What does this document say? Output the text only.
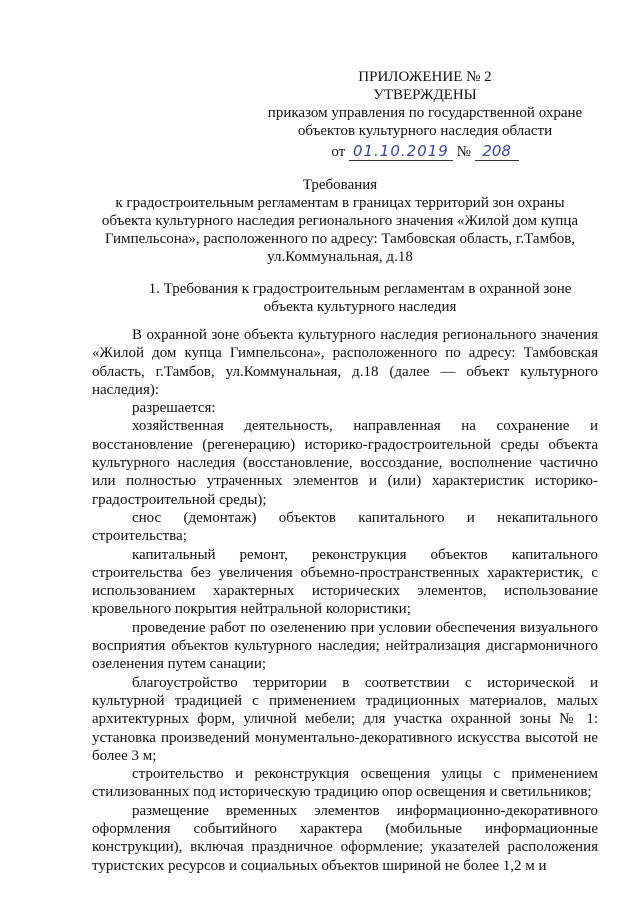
ПРИЛОЖЕНИЕ № 2
УТВЕРЖДЕНЫ
приказом управления по государственной охране
объектов культурного наследия области
от 01.10.2019 № 208
Требования
к градостроительным регламентам в границах территорий зон охраны
объекта культурного наследия регионального значения «Жилой дом купца
Гимпельсона», расположенного по адресу: Тамбовская область, г.Тамбов,
ул.Коммунальная, д.18
1. Требования к градостроительным регламентам в охранной зоне
объекта культурного наследия

В охранной зоне объекта культурного наследия регионального значения «Жилой дом купца Гимпельсона», расположенного по адресу: Тамбовская область, г.Тамбов, ул.Коммунальная, д.18 (далее — объект культурного наследия):

разрешается:

хозяйственная деятельность, направленная на сохранение и восстановление (регенерацию) историко-градостроительной среды объекта культурного наследия (восстановление, воссоздание, восполнение частично или полностью утраченных элементов и (или) характеристик историко-градостроительной среды);

снос (демонтаж) объектов капитального и некапитального строительства;

капитальный ремонт, реконструкция объектов капитального строительства без увеличения объемно-пространственных характеристик, с использованием характерных исторических элементов, использование кровельного покрытия нейтральной колористики;

проведение работ по озеленению при условии обеспечения визуального восприятия объектов культурного наследия; нейтрализация дисгармоничного озеленения путем санации;

благоустройство территории в соответствии с исторической и культурной традицией с применением традиционных материалов, малых архитектурных форм, уличной мебели; для участка охранной зоны № 1: установка произведений монументально-декоративного искусства высотой не более 3 м;

строительство и реконструкция освещения улицы с применением стилизованных под историческую традицию опор освещения и светильников;

размещение временных элементов информационно-декоративного оформления событийного характера (мобильные информационные конструкции), включая праздничное оформление; указателей расположения туристских ресурсов и социальных объектов шириной не более 1,2 м и
